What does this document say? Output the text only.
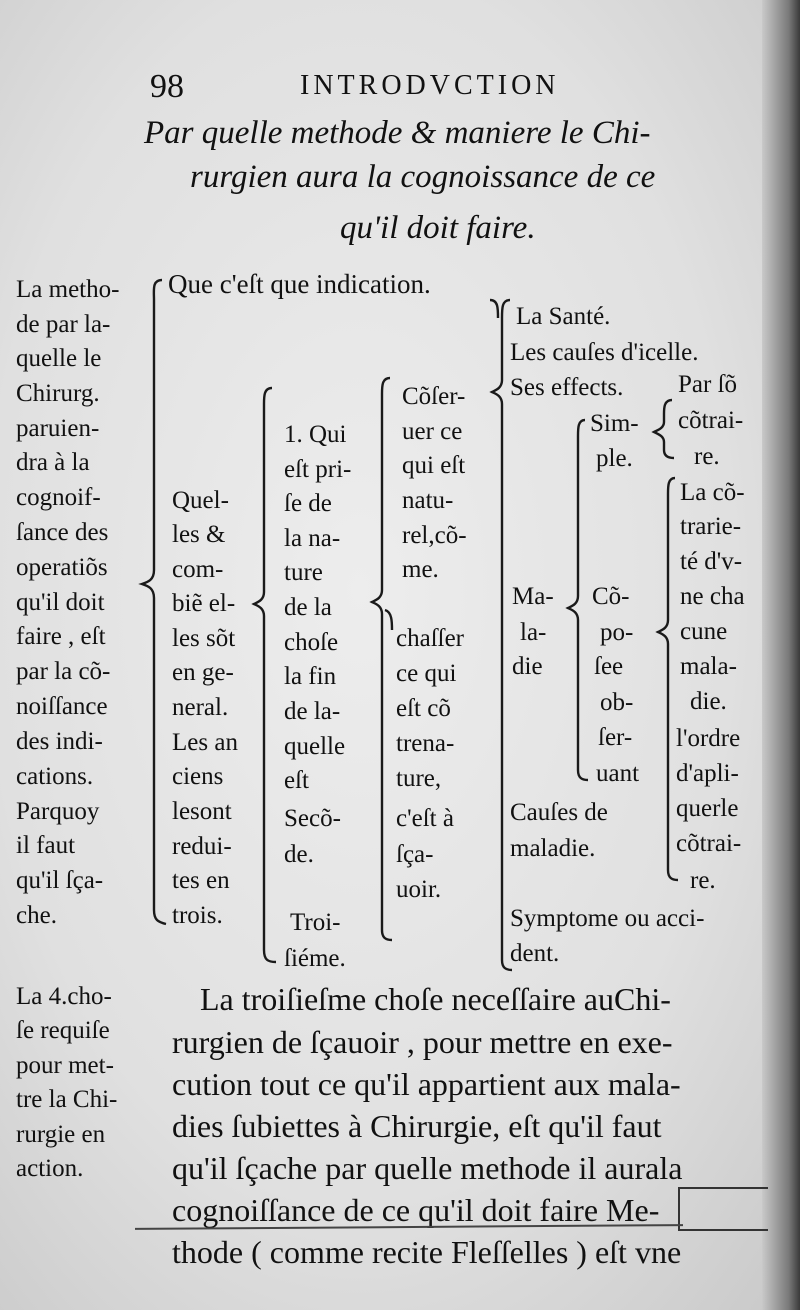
98	INTRODVCTION
Par quelle methode & maniere le Chi-
rurgien aura la cognoissance de ce
qu'il doit faire.
La metho-
de par la-
quelle le
Chirurg.
paruien-
dra à la
cognoif-
ſance des
operatiõs
qu'il doit
faire , eſt
par la cõ-
noiſſance
des indi-
cations.
Parquoy
il faut
qu'il ſça-
che.
Que c'eſt que indication.
Quel-
les &
com-
biẽ el-
les sõt
en ge-
neral.
Les an
ciens
lesont
redui-
tes en
trois.
1. Qui
eſt pri-
ſe de
la na-
ture
de la
choſe
la fin
de la-
quelle
eſt
Secõ-
de.
Troi-
ſiéme.
Cõſer-
uer ce
qui eſt
natu-
rel,cõ-
me.
chaſſer
ce qui
eſt cõ
trena-
ture,
c'eſt à
ſça-
uoir.
La Santé.
Les cauſes d'icelle.
Ses effects. Par ſõ
cõtrai-
re.
Sim-
ple.
Ma-
la-
die
Cõ-
po-
ſee
ob-
ſer-
uant
La cõ-
trarie-
té d'v-
ne cha
cune
mala-
die.
l'ordre
d'apli-
querle
cõtrai-
re.
Cauſes de
maladie.
Symptome ou acci-
dent.
La 4.cho-
ſe requiſe
pour met-
tre la Chi-
rurgie en
action.
La troiſieſme choſe neceſſaire auChi-
rurgien de ſçauoir , pour mettre en exe-
cution tout ce qu'il appartient aux mala-
dies ſubiettes à Chirurgie, eſt qu'il faut
qu'il ſçache par quelle methode il aurala
cognoiſſance de ce qu'il doit faire Me-
thode ( comme recite Fleſſelles ) eſt vne
